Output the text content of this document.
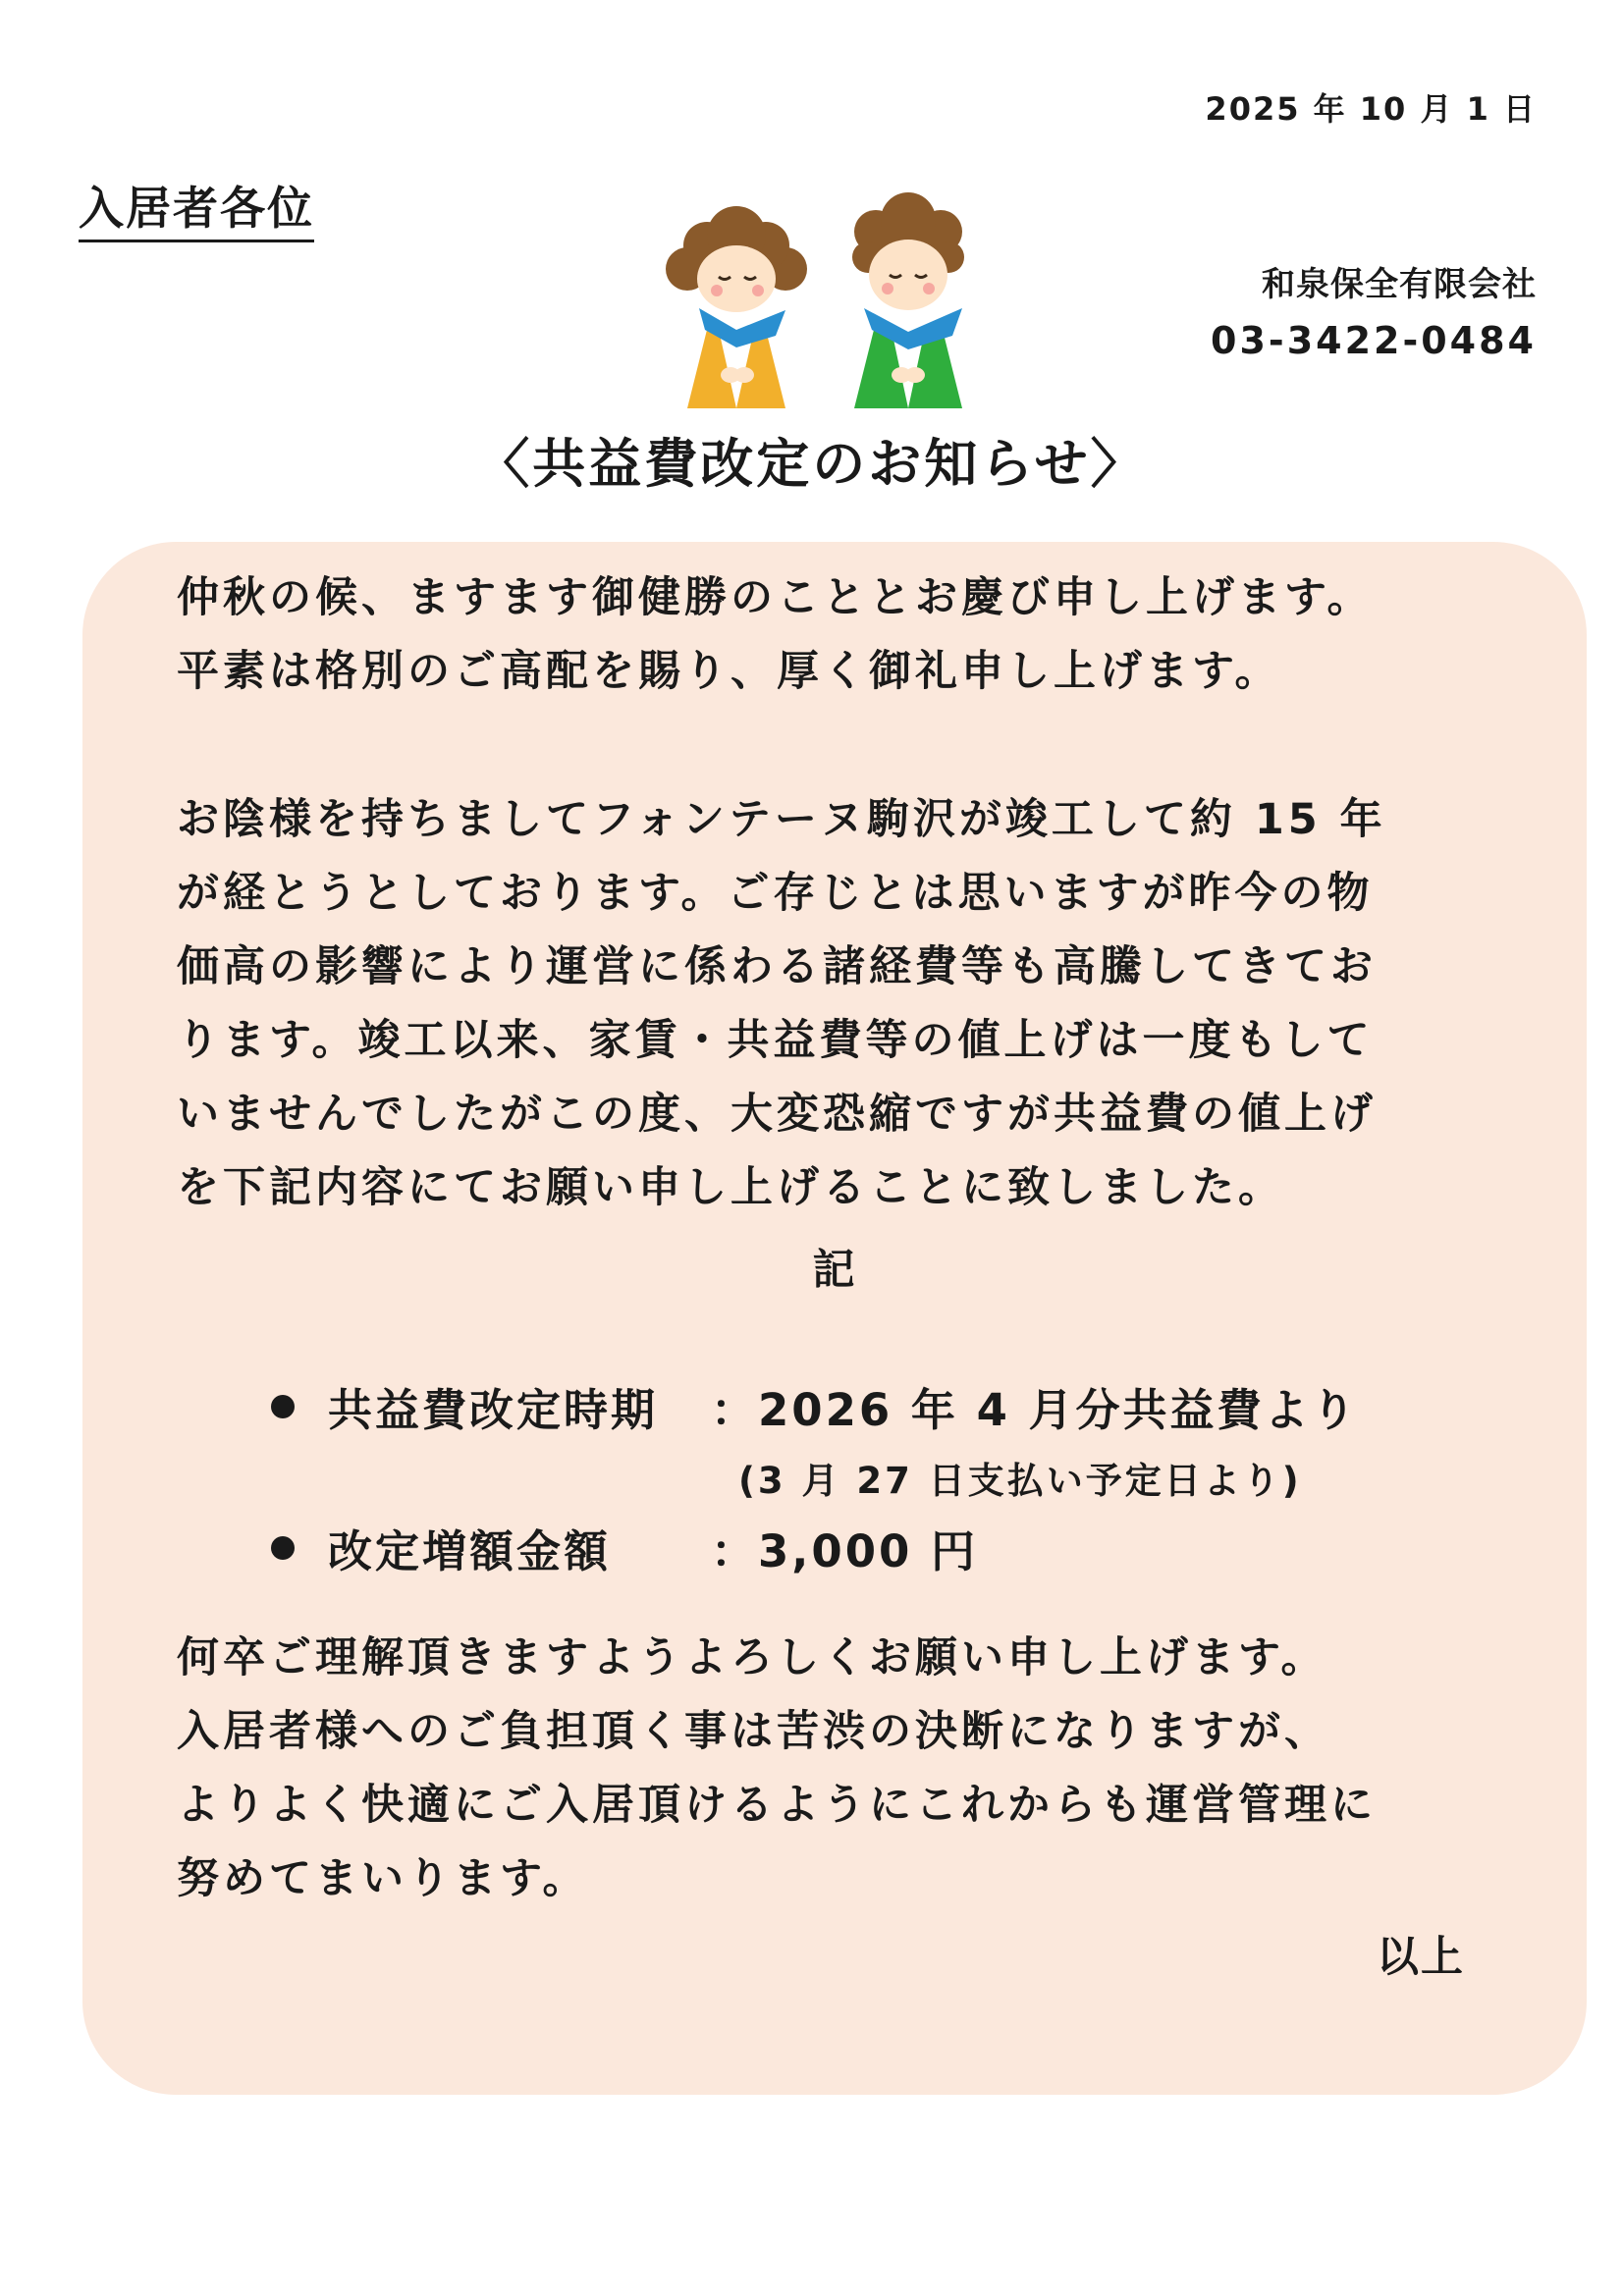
2025 年 10 月 1 日
入居者各位
和泉保全有限会社
03-3422-0484
〈共益費改定のお知らせ〉
仲秋の候、ますます御健勝のこととお慶び申し上げます。
平素は格別のご高配を賜り、厚く御礼申し上げます。
お陰様を持ちましてフォンテーヌ駒沢が竣工して約 15 年
が経とうとしております。ご存じとは思いますが昨今の物
価高の影響により運営に係わる諸経費等も高騰してきてお
ります。竣工以来、家賃・共益費等の値上げは一度もして
いませんでしたがこの度、大変恐縮ですが共益費の値上げ
を下記内容にてお願い申し上げることに致しました。
記
共益費改定時期	：2026 年 4 月分共益費より
(3 月 27 日支払い予定日より)
改定増額金額	：3,000 円
何卒ご理解頂きますようよろしくお願い申し上げます。
入居者様へのご負担頂く事は苦渋の決断になりますが、
よりよく快適にご入居頂けるようにこれからも運営管理に
努めてまいります。
以上
